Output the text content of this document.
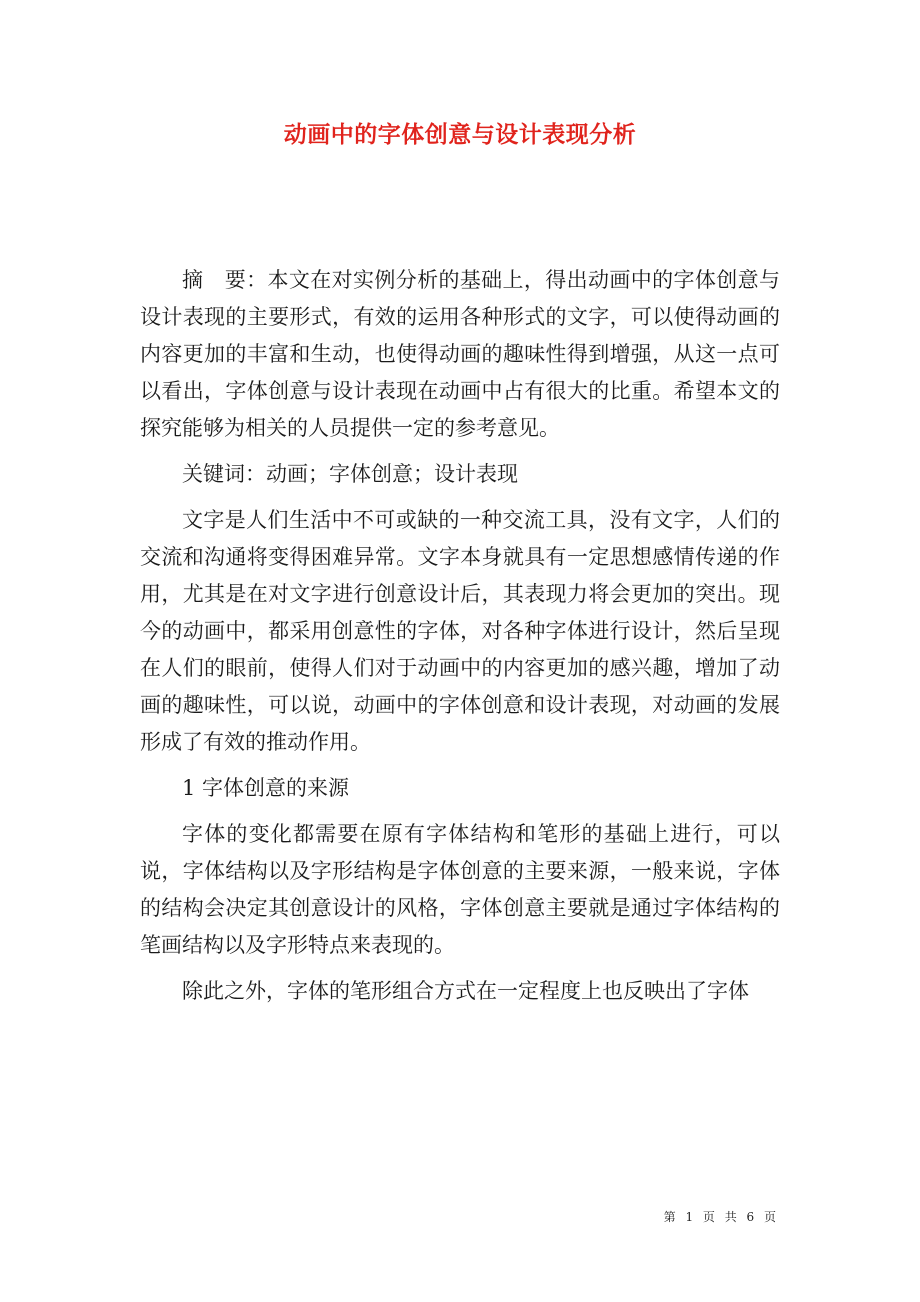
动画中的字体创意与设计表现分析

摘　要：本文在对实例分析的基础上，得出动画中的字体创意与设计表现的主要形式，有效的运用各种形式的文字，可以使得动画的内容更加的丰富和生动，也使得动画的趣味性得到增强，从这一点可以看出，字体创意与设计表现在动画中占有很大的比重。希望本文的探究能够为相关的人员提供一定的参考意见。

关键词：动画；字体创意；设计表现

文字是人们生活中不可或缺的一种交流工具，没有文字，人们的交流和沟通将变得困难异常。文字本身就具有一定思想感情传递的作用，尤其是在对文字进行创意设计后，其表现力将会更加的突出。现今的动画中，都采用创意性的字体，对各种字体进行设计，然后呈现在人们的眼前，使得人们对于动画中的内容更加的感兴趣，增加了动画的趣味性，可以说，动画中的字体创意和设计表现，对动画的发展形成了有效的推动作用。

1 字体创意的来源

字体的变化都需要在原有字体结构和笔形的基础上进行，可以说，字体结构以及字形结构是字体创意的主要来源，一般来说，字体的结构会决定其创意设计的风格，字体创意主要就是通过字体结构的笔画结构以及字形特点来表现的。

除此之外，字体的笔形组合方式在一定程度上也反映出了字体

第 1 页 共 6 页
